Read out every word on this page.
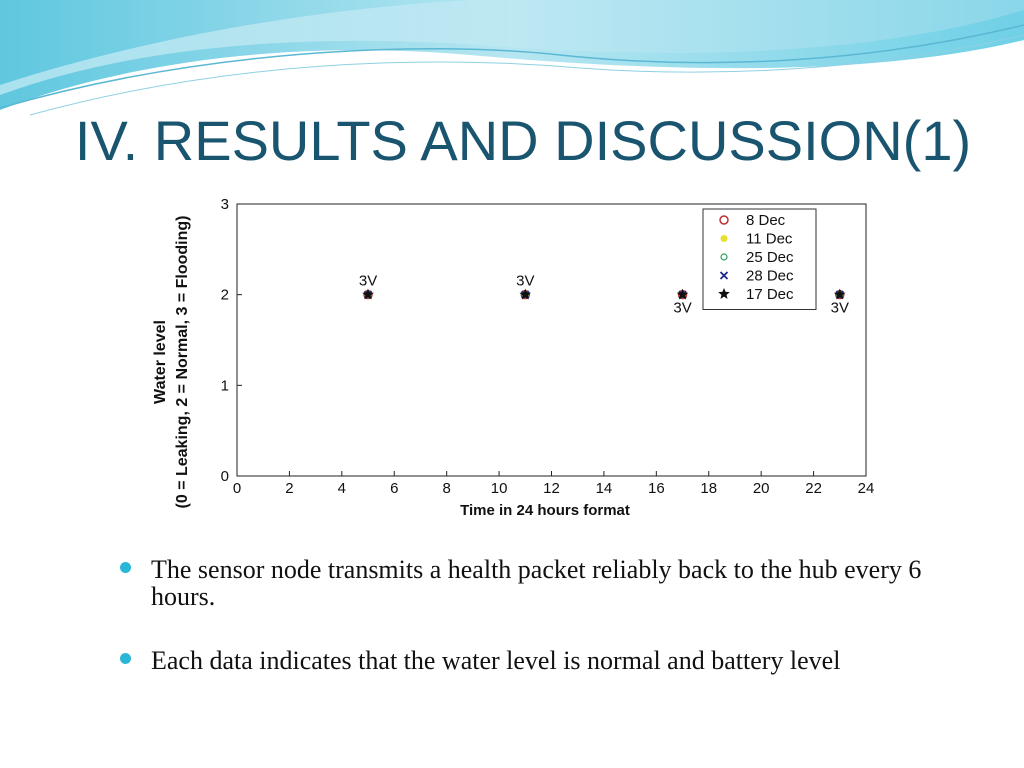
IV. RESULTS AND DISCUSSION(1)
0	2	4	6	8	10 12 14 16 18 20 22 24
0
1
2
3
3V	3V
3V	3V
8 Dec
11 Dec
25 Dec
28 Dec
17 Dec
Time in 24 hours format
Water level (0 = Leaking, 2 = Normal, 3 = Flooding)
The sensor node transmits a health packet reliably back to the hub every 6 hours.
Each data indicates that the water level is normal and battery level
